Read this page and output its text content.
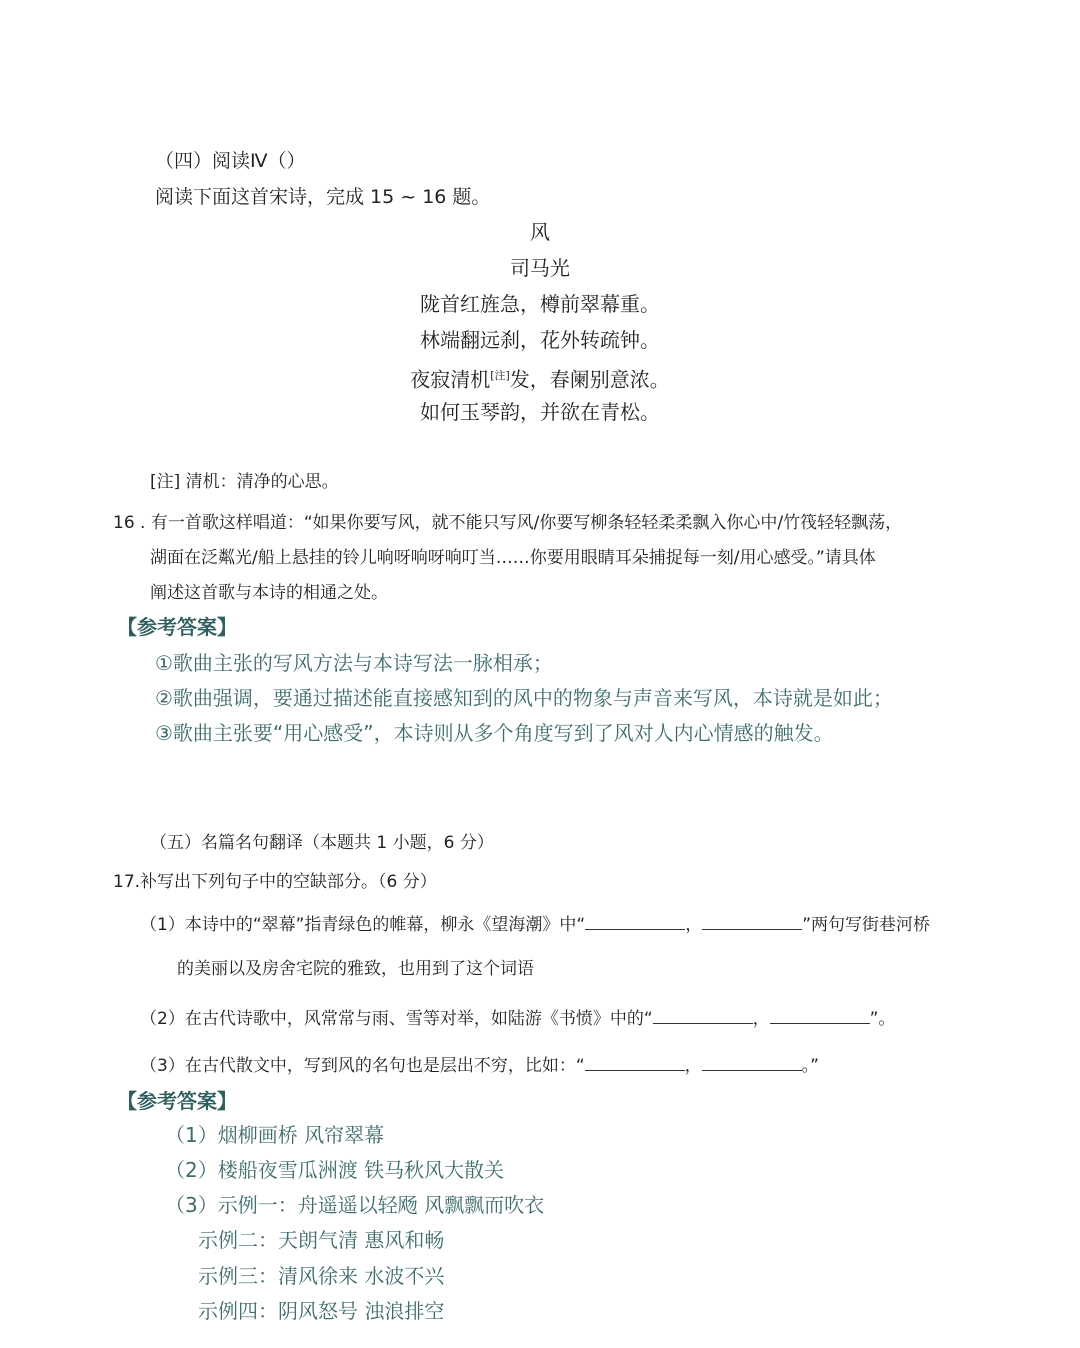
（四）阅读Ⅳ（）
阅读下面这首宋诗，完成 15 ~ 16 题。
风
司马光
陇首红旌急，樽前翠幕重。
林端翻远刹，花外转疏钟。
夜寂清机[注]发，春阑别意浓。
如何玉琴韵，并欲在青松。
[注] 清机：清净的心思。
16 . 有一首歌这样唱道：“如果你要写风，就不能只写风/你要写柳条轻轻柔柔飘入你心中/竹筏轻轻飘荡，
湖面在泛粼光/船上悬挂的铃儿响呀响呀响叮当……你要用眼睛耳朵捕捉每一刻/用心感受。”请具体
阐述这首歌与本诗的相通之处。
【参考答案】
①歌曲主张的写风方法与本诗写法一脉相承；
②歌曲强调，要通过描述能直接感知到的风中的物象与声音来写风，本诗就是如此；
③歌曲主张要“用心感受”，本诗则从多个角度写到了风对人内心情感的触发。
（五）名篇名句翻译（本题共 1 小题，6 分）
17.补写出下列句子中的空缺部分。（6 分）
（1）本诗中的“翠幕”指青绿色的帷幕，柳永《望海潮》中“	，	”两句写街巷河桥
的美丽以及房舍宅院的雅致，也用到了这个词语
（2）在古代诗歌中，风常常与雨、雪等对举，如陆游《书愤》中的“	，	”。
（3）在古代散文中，写到风的名句也是层出不穷，比如：“	，	。”
【参考答案】
（1）烟柳画桥 风帘翠幕
（2）楼船夜雪瓜洲渡 铁马秋风大散关
（3）示例一：舟遥遥以轻飏 风飘飘而吹衣
示例二：天朗气清 惠风和畅
示例三：清风徐来 水波不兴
示例四：阴风怒号 浊浪排空
